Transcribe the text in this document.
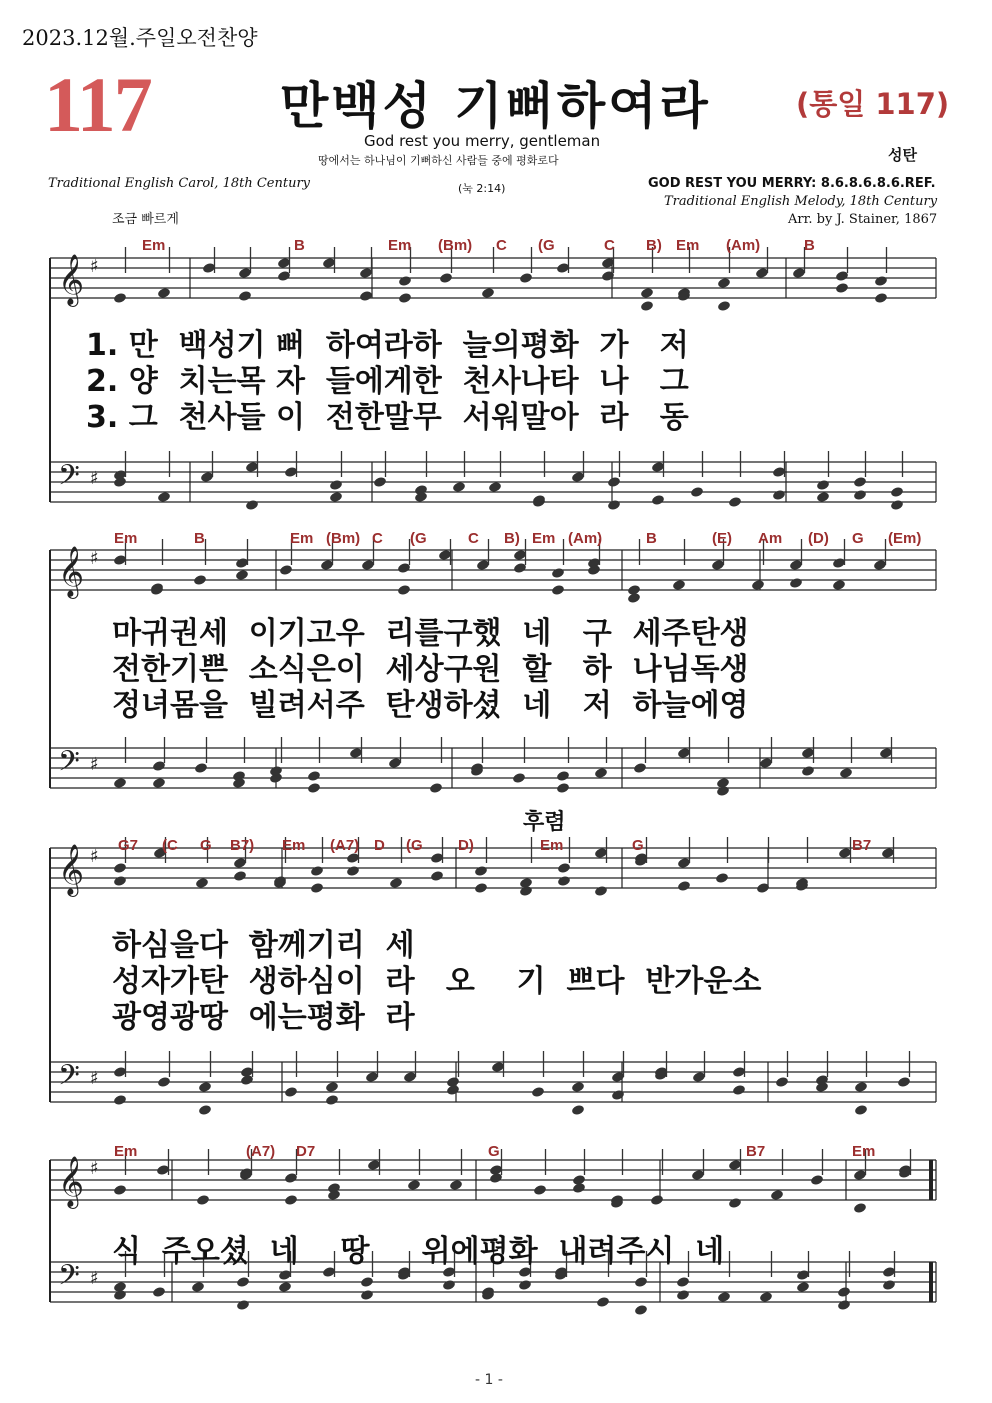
2023.12월.주일오전찬양
117	만백성 기뻐하여라	(통일 117)
God rest you merry, gentleman
성탄
땅에서는 하나님이 기뻐하신 사람들 중에 평화로다
(눅 2:14)
Traditional English Carol, 18th Century	GOD REST YOU MERRY: 8.6.8.6.8.6.REF.
Traditional English Melody, 18th Century
Arr. by J. Stainer, 1867
조금 빠르게
𝄞
𝄢
♯
♯
Em	B	Em (Bm) C (G	C B) Em (Am)	B
𝄞
𝄢
♯
♯
Em	B	Em (Bm) C (G	C B) Em (Am)	B	(E) Am (D) G (Em)
𝄞
𝄢
♯
♯
G7 (C G B7) Em (A7) D (G D)	Em	G	B7
𝄞
𝄢
♯
♯
Em	(A7) D7	G	B7	Em
1. 만  백성기 뻐  하여라하  늘의평화  가   저
2. 양  치는목 자  들에게한  천사나타  나   그
3. 그  천사들 이  전한말무  서워말아  라   동
마귀권세  이기고우  리를구했  네   구  세주탄생
전한기쁜  소식은이  세상구원  할   하  나님독생
정녀몸을  빌려서주  탄생하셨  네   저  하늘에영
하심을다  함께기리  세
성자가탄  생하심이  라   오    기  쁘다  반가운소
광영광땅  에는평화  라
식  주오셨  네    땅     위에평화  내려주시  네
후렴
- 1 -
